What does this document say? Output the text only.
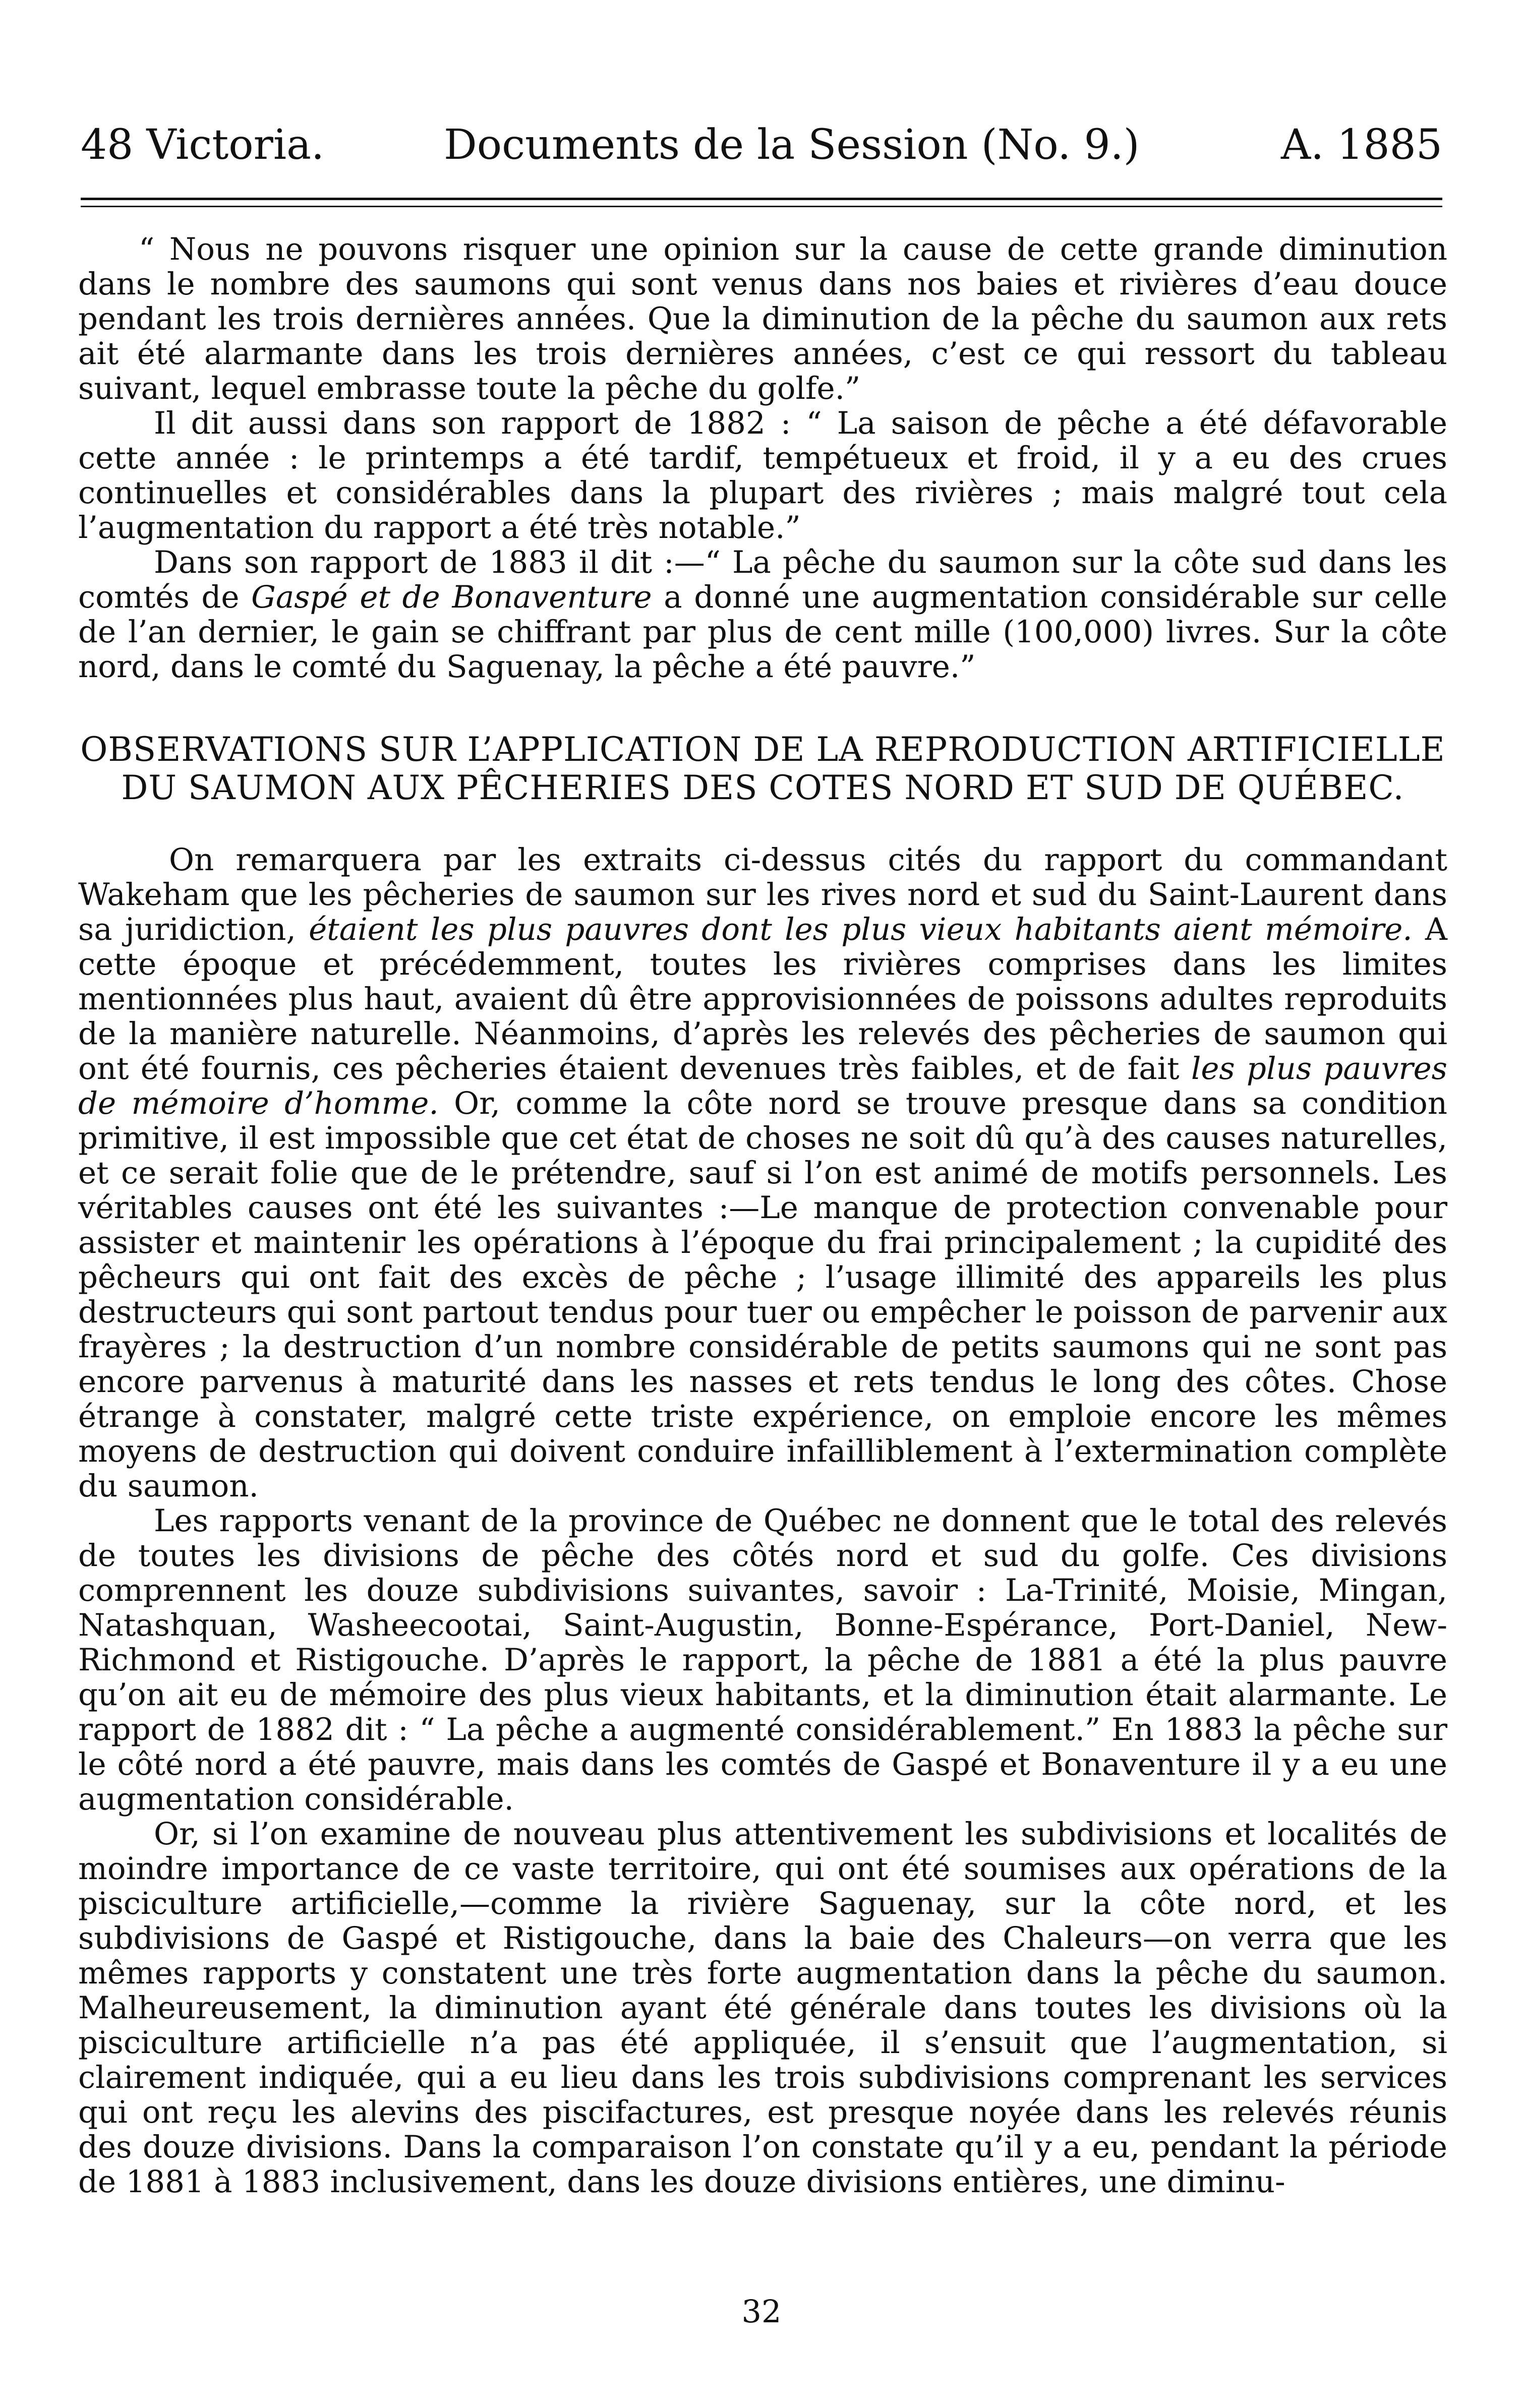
48 Victoria.	Documents de la Session (No. 9.)	A. 1885

“ Nous ne pouvons risquer une opinion sur la cause de cette grande diminution dans le nombre des saumons qui sont venus dans nos baies et rivières d’eau douce pendant les trois dernières années. Que la diminution de la pêche du saumon aux rets ait été alarmante dans les trois dernières années, c’est ce qui ressort du tableau suivant, lequel embrasse toute la pêche du golfe.”

Il dit aussi dans son rapport de 1882 : “ La saison de pêche a été défavorable cette année : le printemps a été tardif, tempétueux et froid, il y a eu des crues continuelles et considérables dans la plupart des rivières ; mais malgré tout cela l’augmentation du rapport a été très notable.”

Dans son rapport de 1883 il dit :—“ La pêche du saumon sur la côte sud dans les comtés de Gaspé et de Bonaventure a donné une augmentation considérable sur celle de l’an dernier, le gain se chiffrant par plus de cent mille (100,000) livres. Sur la côte nord, dans le comté du Saguenay, la pêche a été pauvre.”

OBSERVATIONS SUR L’APPLICATION DE LA REPRODUCTION ARTIFICIELLE DU SAUMON AUX PÊCHERIES DES COTES NORD ET SUD DE QUÉBEC.

On remarquera par les extraits ci-dessus cités du rapport du commandant Wakeham que les pêcheries de saumon sur les rives nord et sud du Saint-Laurent dans sa juridiction, étaient les plus pauvres dont les plus vieux habitants aient mémoire. A cette époque et précédemment, toutes les rivières comprises dans les limites mentionnées plus haut, avaient dû être approvisionnées de poissons adultes reproduits de la manière naturelle. Néanmoins, d’après les relevés des pêcheries de saumon qui ont été fournis, ces pêcheries étaient devenues très faibles, et de fait les plus pauvres de mémoire d’homme. Or, comme la côte nord se trouve presque dans sa condition primitive, il est impossible que cet état de choses ne soit dû qu’à des causes naturelles, et ce serait folie que de le prétendre, sauf si l’on est animé de motifs personnels. Les véritables causes ont été les suivantes :—Le manque de protection convenable pour assister et maintenir les opérations à l’époque du frai principalement ; la cupidité des pêcheurs qui ont fait des excès de pêche ; l’usage illimité des appareils les plus destructeurs qui sont partout tendus pour tuer ou empêcher le poisson de parvenir aux frayères ; la destruction d’un nombre considérable de petits saumons qui ne sont pas encore parvenus à maturité dans les nasses et rets tendus le long des côtes. Chose étrange à constater, malgré cette triste expérience, on emploie encore les mêmes moyens de destruction qui doivent conduire infailliblement à l’extermination complète du saumon.

Les rapports venant de la province de Québec ne donnent que le total des relevés de toutes les divisions de pêche des côtés nord et sud du golfe. Ces divisions comprennent les douze subdivisions suivantes, savoir : La-Trinité, Moisie, Mingan, Natashquan, Washeecootai, Saint-Augustin, Bonne-Espérance, Port-Daniel, New-Richmond et Ristigouche. D’après le rapport, la pêche de 1881 a été la plus pauvre qu’on ait eu de mémoire des plus vieux habitants, et la diminution était alarmante. Le rapport de 1882 dit : “ La pêche a augmenté considérablement.” En 1883 la pêche sur le côté nord a été pauvre, mais dans les comtés de Gaspé et Bonaventure il y a eu une augmentation considérable.

Or, si l’on examine de nouveau plus attentivement les subdivisions et localités de moindre importance de ce vaste territoire, qui ont été soumises aux opérations de la pisciculture artificielle,—comme la rivière Saguenay, sur la côte nord, et les subdivisions de Gaspé et Ristigouche, dans la baie des Chaleurs—on verra que les mêmes rapports y constatent une très forte augmentation dans la pêche du saumon. Malheureusement, la diminution ayant été générale dans toutes les divisions où la pisciculture artificielle n’a pas été appliquée, il s’ensuit que l’augmentation, si clairement indiquée, qui a eu lieu dans les trois subdivisions comprenant les services qui ont reçu les alevins des piscifactures, est presque noyée dans les relevés réunis des douze divisions. Dans la comparaison l’on constate qu’il y a eu, pendant la période de 1881 à 1883 inclusivement, dans les douze divisions entières, une diminu-

32
